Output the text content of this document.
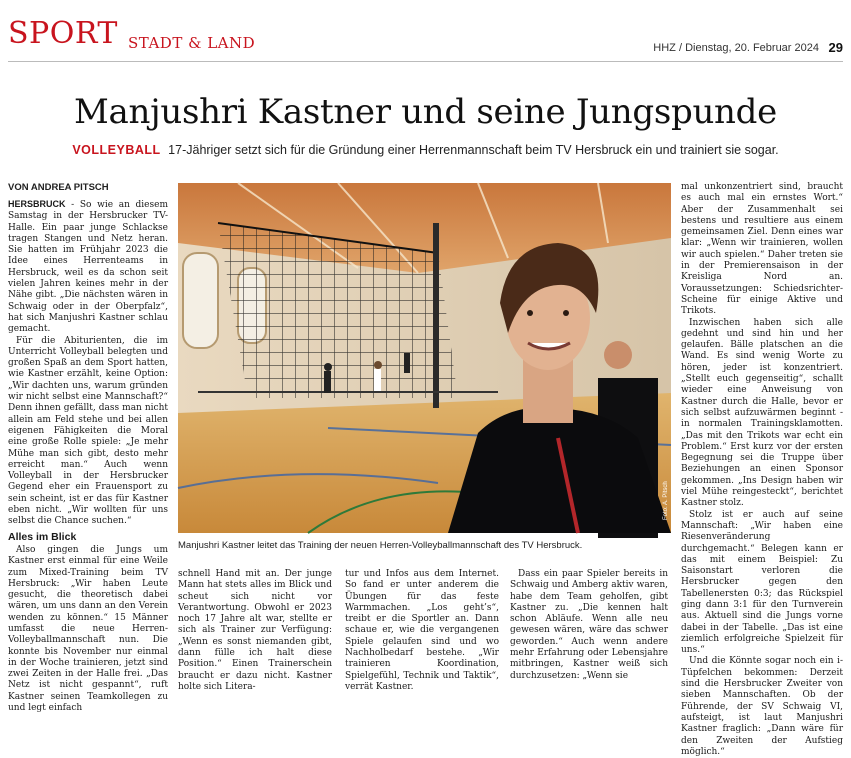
SPORT STADT & LAND	HHZ / Dienstag, 20. Februar 2024 29
Manjushri Kastner und seine Jungspunde
VOLLEYBALL 17-Jähriger setzt sich für die Gründung einer Herrenmannschaft beim TV Hersbruck ein und trainiert sie sogar.
VON ANDREA PITSCH

HERSBRUCK - So wie an diesem Samstag in der Hersbrucker TV-Halle. Ein paar junge Schlackse tragen Stangen und Netz heran. Sie hatten im Frühjahr 2023 die Idee eines Herrenteams in Hersbruck, weil es da schon seit vielen Jahren keines mehr in der Nähe gibt. „Die nächsten wären in Schwaig oder in der Oberpfalz“, hat sich Manjushri Kastner schlau gemacht.

Für die Abiturienten, die im Unterricht Volleyball belegten und großen Spaß an dem Sport hatten, wie Kastner erzählt, keine Option: „Wir dachten uns, warum gründen wir nicht selbst eine Mannschaft?“ Denn ihnen gefällt, dass man nicht allein am Feld stehe und bei allen eigenen Fähigkeiten die Moral eine große Rolle spiele: „Je mehr Mühe man sich gibt, desto mehr erreicht man.“ Auch wenn Volleyball in der Hersbrucker Gegend eher ein Frauensport zu sein scheint, ist er das für Kastner eben nicht. „Wir wollten für uns selbst die Chance suchen.“

Alles im Blick

Also gingen die Jungs um Kastner erst einmal für eine Weile zum Mixed-Training beim TV Hersbruck: „Wir haben Leute gesucht, die theoretisch dabei wären, um uns dann an den Verein wenden zu können.“ 15 Männer umfasst die neue Herren-Volleyballmannschaft nun. Die konnte bis November nur einmal in der Woche trainieren, jetzt sind zwei Zeiten in der Halle frei. „Das Netz ist nicht gespannt“, ruft Kastner seinen Teamkollegen zu und legt einfach

Foto: A. Pitsch
Manjushri Kastner leitet das Training der neuen Herren-Volleyballmannschaft des TV Hersbruck.

schnell Hand mit an. Der junge Mann hat stets alles im Blick und scheut sich nicht vor Verantwortung. Obwohl er 2023 noch 17 Jahre alt war, stellte er sich als Trainer zur Verfügung: „Wenn es sonst niemanden gibt, dann fülle ich halt diese Position.“ Einen Trainerschein braucht er dazu nicht. Kastner holte sich Litera-

tur und Infos aus dem Internet. So fand er unter anderem die Übungen für das feste Warmmachen. „Los geht’s“, treibt er die Sportler an. Dann schaue er, wie die vergangenen Spiele gelaufen sind und wo Nachholbedarf bestehe. „Wir trainieren Koordination, Spielgefühl, Technik und Taktik“, verrät Kastner.

Dass ein paar Spieler bereits in Schwaig und Amberg aktiv waren, habe dem Team geholfen, gibt Kastner zu. „Die kennen halt schon Abläufe. Wenn alle neu gewesen wären, wäre das schwer geworden.“ Auch wenn andere mehr Erfahrung oder Lebensjahre mitbringen, Kastner weiß sich durchzusetzen: „Wenn sie

mal unkonzentriert sind, braucht es auch mal ein ernstes Wort.“ Aber der Zusammenhalt sei bestens und resultiere aus einem gemeinsamen Ziel. Denn eines war klar: „Wenn wir trainieren, wollen wir auch spielen.“ Daher treten sie in der Premierensaison in der Kreisliga Nord an. Voraussetzungen: Schiedsrichter-Scheine für einige Aktive und Trikots.

Inzwischen haben sich alle gedehnt und sind hin und her gelaufen. Bälle platschen an die Wand. Es sind wenig Worte zu hören, jeder ist konzentriert. „Stellt euch gegenseitig“, schallt wieder eine Anweisung von Kastner durch die Halle, bevor er sich selbst aufzuwärmen beginnt - in normalen Trainingsklamotten. „Das mit den Trikots war echt ein Problem.“ Erst kurz vor der ersten Begegnung sei die Truppe über Beziehungen an einen Sponsor gekommen. „Ins Design haben wir viel Mühe reingesteckt“, berichtet Kastner stolz.

Stolz ist er auch auf seine Mannschaft: „Wir haben eine Riesenveränderung durchgemacht.“ Belegen kann er das mit einem Beispiel: Zu Saisonstart verloren die Hersbrucker gegen den Tabellenersten 0:3; das Rückspiel ging dann 3:1 für den Turnverein aus. Aktuell sind die Jungs vorne dabei in der Tabelle. „Das ist eine ziemlich erfolgreiche Spielzeit für uns.“

Und die Könnte sogar noch ein i-Tüpfelchen bekommen: Derzeit sind die Hersbrucker Zweiter von sieben Mannschaften. Ob der Führende, der SV Schwaig VI, aufsteigt, ist laut Manjushri Kastner fraglich: „Dann wäre für den Zweiten der Aufstieg möglich.“
